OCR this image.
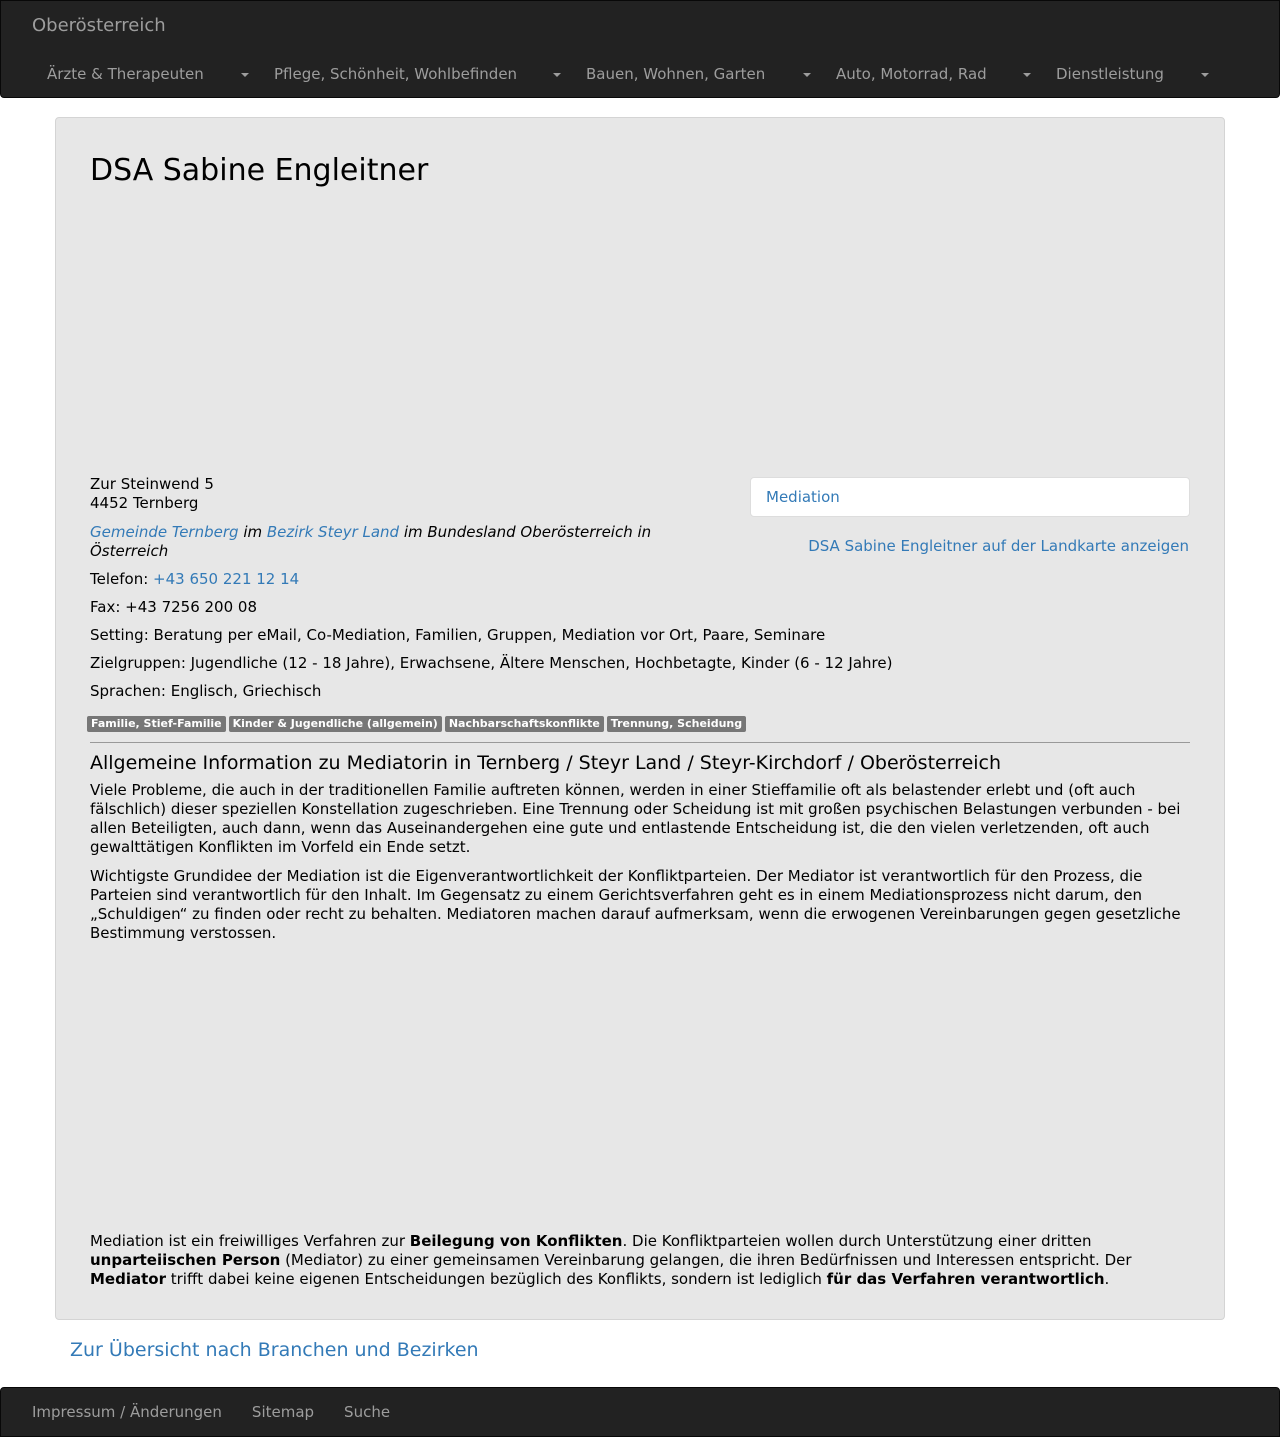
Oberösterreich
Ärzte & Therapeuten	Pflege, Schönheit, Wohlbefinden	Bauen, Wohnen, Garten	Auto, Motorrad, Rad	Dienstleistung
DSA Sabine Engleitner

Zur Steinwend 5
4452 Ternberg

Gemeinde Ternberg im Bezirk Steyr Land im Bundesland Oberösterreich in Österreich

Telefon: +43 650 221 12 14

Fax: +43 7256 200 08

Setting: Beratung per eMail, Co-Mediation, Familien, Gruppen, Mediation vor Ort, Paare, Seminare

Zielgruppen: Jugendliche (12 - 18 Jahre), Erwachsene, Ältere Menschen, Hochbetagte, Kinder (6 - 12 Jahre)

Sprachen: Englisch, Griechisch

Mediation
DSA Sabine Engleitner auf der Landkarte anzeigen
Familie, Stief-Familie	Kinder & Jugendliche (allgemein)	Nachbarschaftskonflikte	Trennung, Scheidung
Allgemeine Information zu Mediatorin in Ternberg / Steyr Land / Steyr-Kirchdorf / Oberösterreich

Viele Probleme, die auch in der traditionellen Familie auftreten können, werden in einer Stieffamilie oft als belastender erlebt und (oft auch fälschlich) dieser speziellen Konstellation zugeschrieben. Eine Trennung oder Scheidung ist mit großen psychischen Belastungen verbunden - bei allen Beteiligten, auch dann, wenn das Auseinandergehen eine gute und entlastende Entscheidung ist, die den vielen verletzenden, oft auch gewalttätigen Konflikten im Vorfeld ein Ende setzt.

Wichtigste Grundidee der Mediation ist die Eigenverantwortlichkeit der Konfliktparteien. Der Mediator ist verantwortlich für den Prozess, die Parteien sind verantwortlich für den Inhalt. Im Gegensatz zu einem Gerichtsverfahren geht es in einem Mediationsprozess nicht darum, den „Schuldigen“ zu finden oder recht zu behalten. Mediatoren machen darauf aufmerksam, wenn die erwogenen Vereinbarungen gegen gesetzliche Bestimmung verstossen.

Mediation ist ein freiwilliges Verfahren zur Beilegung von Konflikten. Die Konfliktparteien wollen durch Unterstützung einer dritten unparteiischen Person (Mediator) zu einer gemeinsamen Vereinbarung gelangen, die ihren Bedürfnissen und Interessen entspricht. Der Mediator trifft dabei keine eigenen Entscheidungen bezüglich des Konflikts, sondern ist lediglich für das Verfahren verantwortlich.

Zur Übersicht nach Branchen und Bezirken
Impressum / Änderungen Sitemap Suche
